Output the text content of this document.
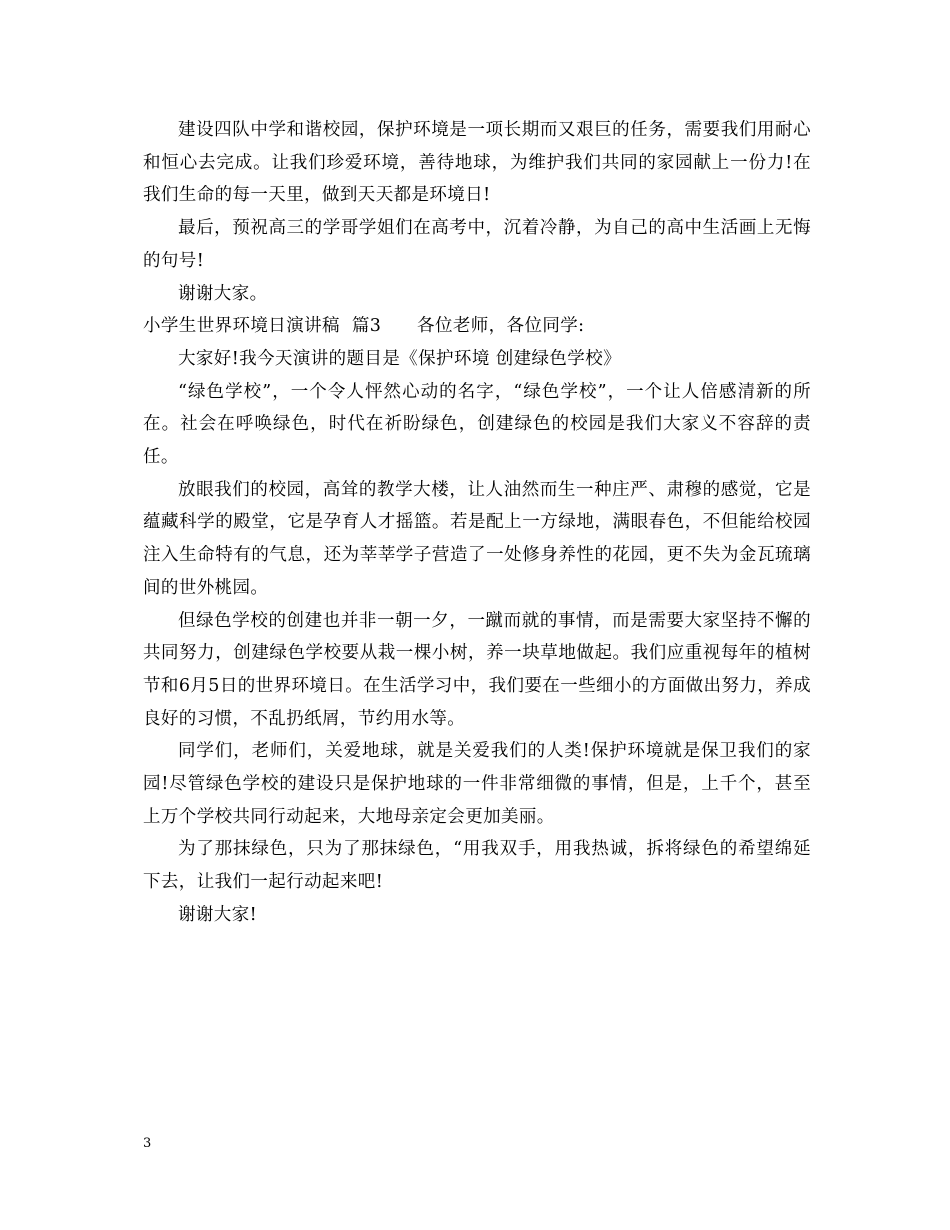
建设四队中学和谐校园，保护环境是一项长期而又艰巨的任务，需要我们用耐心和恒心去完成。让我们珍爱环境，善待地球，为维护我们共同的家园献上一份力!在我们生命的每一天里，做到天天都是环境日!

最后，预祝高三的学哥学姐们在高考中，沉着冷静，为自己的高中生活画上无悔的句号!

谢谢大家。

小学生世界环境日演讲稿  篇3 各位老师，各位同学:

大家好!我今天演讲的题目是《保护环境 创建绿色学校》

“绿色学校”，一个令人怦然心动的名字，“绿色学校”，一个让人倍感清新的所在。社会在呼唤绿色，时代在祈盼绿色，创建绿色的校园是我们大家义不容辞的责任。

放眼我们的校园，高耸的教学大楼，让人油然而生一种庄严、肃穆的感觉，它是蕴藏科学的殿堂，它是孕育人才摇篮。若是配上一方绿地，满眼春色，不但能给校园注入生命特有的气息，还为莘莘学子营造了一处修身养性的花园，更不失为金瓦琉璃间的世外桃园。

但绿色学校的创建也并非一朝一夕，一蹴而就的事情，而是需要大家坚持不懈的共同努力，创建绿色学校要从栽一棵小树，养一块草地做起。我们应重视每年的植树节和6月5日的世界环境日。在生活学习中，我们要在一些细小的方面做出努力，养成良好的习惯，不乱扔纸屑，节约用水等。

同学们，老师们，关爱地球，就是关爱我们的人类!保护环境就是保卫我们的家园!尽管绿色学校的建设只是保护地球的一件非常细微的事情，但是，上千个，甚至上万个学校共同行动起来，大地母亲定会更加美丽。

为了那抹绿色，只为了那抹绿色，“用我双手，用我热诚，拆将绿色的希望绵延下去，让我们一起行动起来吧!

谢谢大家!

3
